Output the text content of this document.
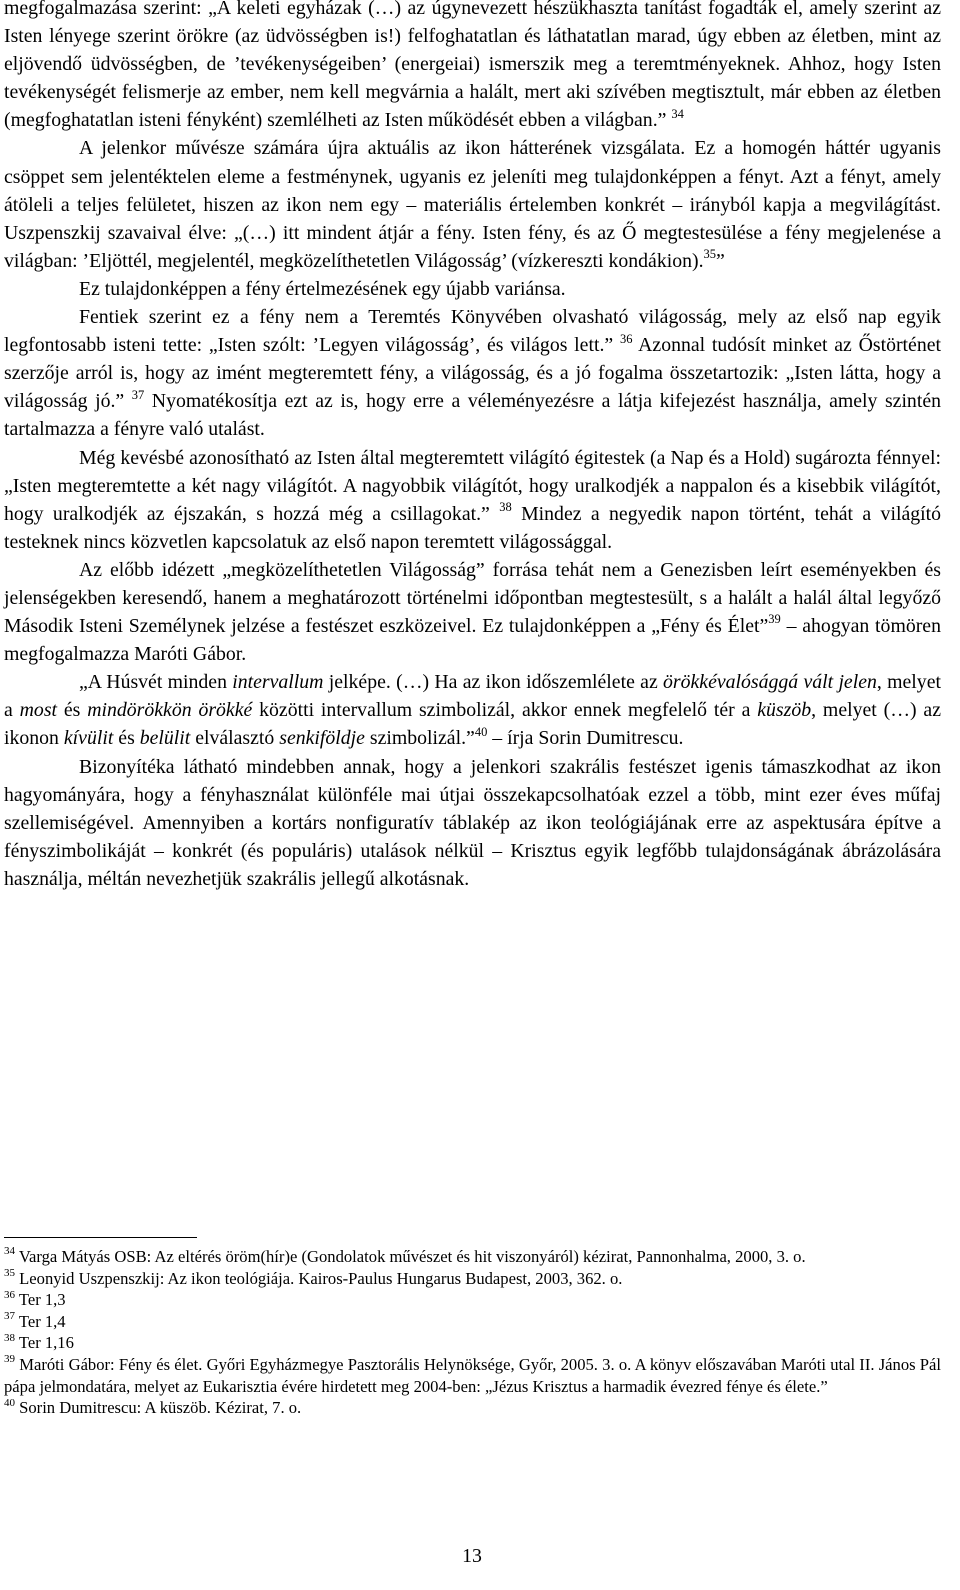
megfogalmazása szerint: „A keleti egyházak (…) az úgynevezett hészükhaszta tanítást fogadták el, amely szerint az Isten lényege szerint örökre (az üdvösségben is!) felfoghatatlan és láthatatlan marad, úgy ebben az életben, mint az eljövendő üdvösségben, de ’tevékenységeiben’ (energeiai) ismerszik meg a teremtményeknek. Ahhoz, hogy Isten tevékenységét felismerje az ember, nem kell megvárnia a halált, mert aki szívében megtisztult, már ebben az életben (megfoghatatlan isteni fényként) szemlélheti az Isten működését ebben a világban.” $^{34}$

A jelenkor művésze számára újra aktuális az ikon hátterének vizsgálata. Ez a homogén háttér ugyanis csöppet sem jelentéktelen eleme a festménynek, ugyanis ez jeleníti meg tulajdonképpen a fényt. Azt a fényt, amely átöleli a teljes felületet, hiszen az ikon nem egy – materiális értelemben konkrét – irányból kapja a megvilágítást. Uszpenszkij szavaival élve: „(…) itt mindent átjár a fény. Isten fény, és az Ő megtestesülése a fény megjelenése a világban: ’Eljöttél, megjelentél, megközelíthetetlen Világosság’ (vízkereszti kondákion).$^{35}$”

Ez tulajdonképpen a fény értelmezésének egy újabb variánsa.

Fentiek szerint ez a fény nem a Teremtés Könyvében olvasható világosság, mely az első nap egyik legfontosabb isteni tette: „Isten szólt: ’Legyen világosság’, és világos lett.” $^{36}$ Azonnal tudósít minket az Őstörténet szerzője arról is, hogy az imént megteremtett fény, a világosság, és a jó fogalma összetartozik: „Isten látta, hogy a világosság jó.” $^{37}$ Nyomatékosítja ezt az is, hogy erre a véleményezésre a látja kifejezést használja, amely szintén tartalmazza a fényre való utalást.

Még kevésbé azonosítható az Isten által megteremtett világító égitestek (a Nap és a Hold) sugározta fénnyel: „Isten megteremtette a két nagy világítót. A nagyobbik világítót, hogy uralkodjék a nappalon és a kisebbik világítót, hogy uralkodjék az éjszakán, s hozzá még a csillagokat.” $^{38}$ Mindez a negyedik napon történt, tehát a világító testeknek nincs közvetlen kapcsolatuk az első napon teremtett világossággal.

Az előbb idézett „megközelíthetetlen Világosság” forrása tehát nem a Genezisben leírt eseményekben és jelenségekben keresendő, hanem a meghatározott történelmi időpontban megtestesült, s a halált a halál által legyőző Második Isteni Személynek jelzése a festészet eszközeivel. Ez tulajdonképpen a „Fény és Élet”$^{39}$ – ahogyan tömören megfogalmazza Maróti Gábor.

„A Húsvét minden intervallum jelképe. (…) Ha az ikon időszemlélete az örökkévalósággá vált jelen, melyet a most és mindörökkön örökké közötti intervallum szimbolizál, akkor ennek megfelelő tér a küszöb, melyet (…) az ikonon kívülit és belülit elválasztó senkiföldje szimbolizál.”$^{40}$ – írja Sorin Dumitrescu.

Bizonyítéka látható mindebben annak, hogy a jelenkori szakrális festészet igenis támaszkodhat az ikon hagyományára, hogy a fényhasználat különféle mai útjai összekapcsolhatóak ezzel a több, mint ezer éves műfaj szellemiségével. Amennyiben a kortárs nonfiguratív táblakép az ikon teológiájának erre az aspektusára építve a fényszimbolikáját – konkrét (és populáris) utalások nélkül – Krisztus egyik legfőbb tulajdonságának ábrázolására használja, méltán nevezhetjük szakrális jellegű alkotásnak.

$^{34}$ Varga Mátyás OSB: Az eltérés öröm(hír)e (Gondolatok művészet és hit viszonyáról) kézirat, Pannonhalma, 2000, 3. o.

$^{35}$ Leonyid Uszpenszkij: Az ikon teológiája. Kairos-Paulus Hungarus Budapest, 2003, 362. o.

$^{36}$ Ter 1,3

$^{37}$ Ter 1,4

$^{38}$ Ter 1,16

$^{39}$ Maróti Gábor: Fény és élet. Győri Egyházmegye Pasztorális Helynöksége, Győr, 2005. 3. o. A könyv előszavában Maróti utal II. János Pál pápa jelmondatára, melyet az Eukarisztia évére hirdetett meg 2004-ben: „Jézus Krisztus a harmadik évezred fénye és élete.”

$^{40}$ Sorin Dumitrescu: A küszöb. Kézirat, 7. o.

13
